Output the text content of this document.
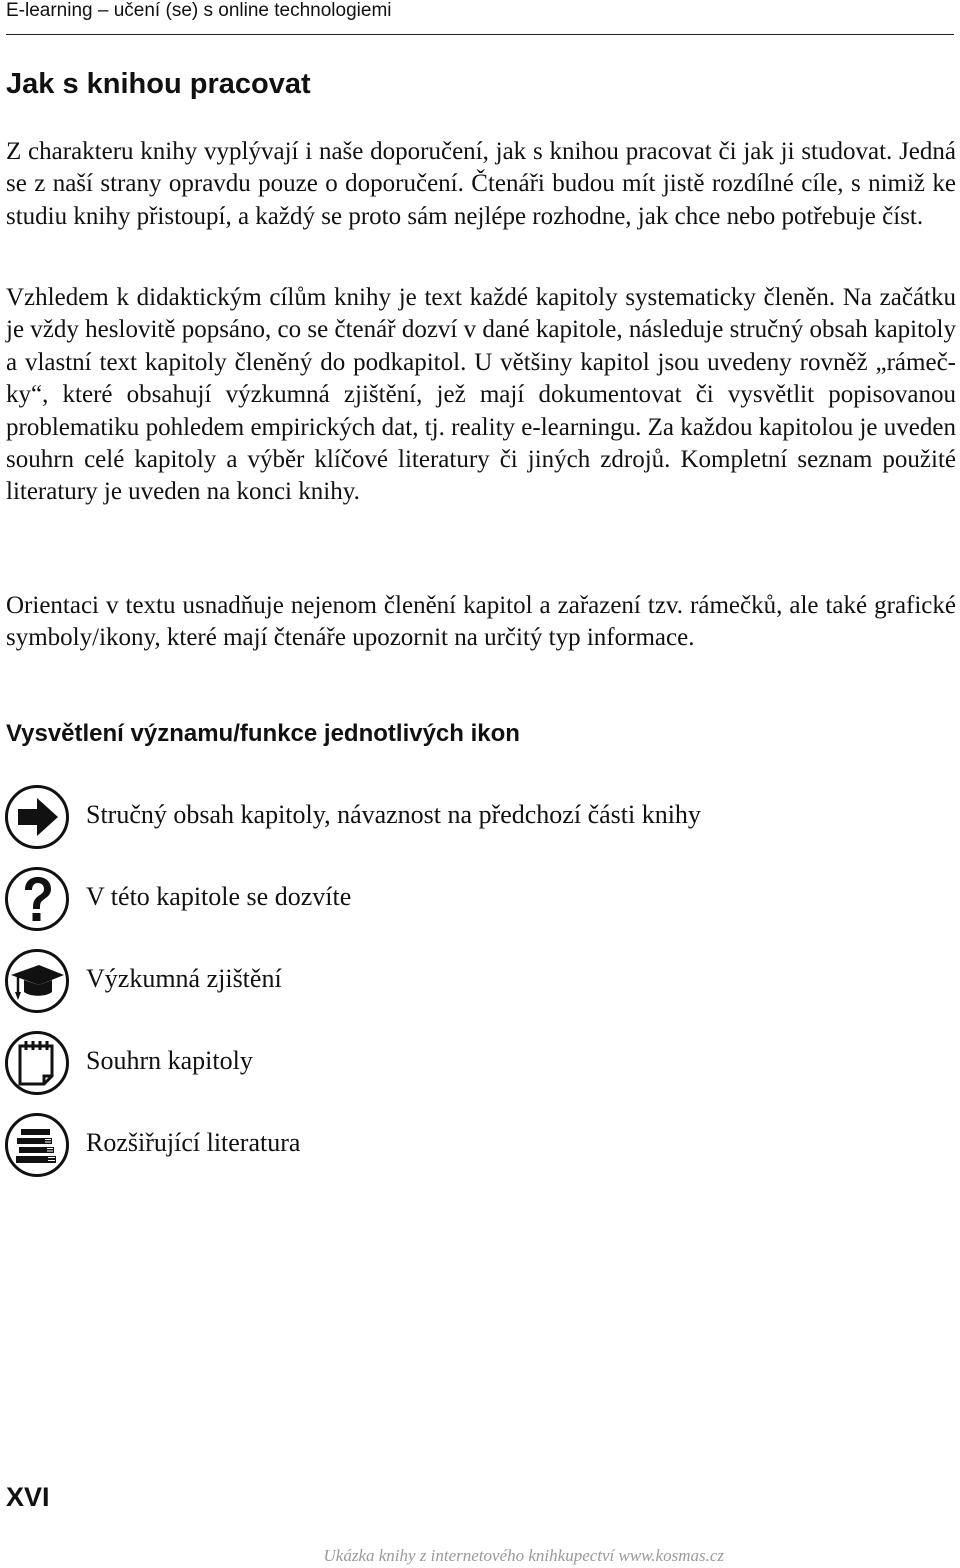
E-learning – učení (se) s online technologiemi
Jak s knihou pracovat

Z charakteru knihy vyplývají i naše doporučení, jak s knihou pracovat či jak ji studovat. Jedná se z naší strany opravdu pouze o doporučení. Čtenáři budou mít jistě rozdílné cíle, s nimiž ke studiu knihy přistoupí, a každý se proto sám nejlépe rozhodne, jak chce nebo potřebuje číst.

Vzhledem k didaktickým cílům knihy je text každé kapitoly systematicky členěn. Na začátku je vždy heslovitě popsáno, co se čtenář dozví v dané kapitole, následuje stručný obsah kapitoly a vlastní text kapitoly členěný do podkapitol. U většiny kapitol jsou uvedeny rovněž „rámečky“, které obsahují výzkumná zjištění, jež mají dokumentovat či vysvětlit popisovanou problematiku pohledem empirických dat, tj. reality e-learningu. Za každou kapitolou je uveden souhrn celé kapitoly a výběr klíčové literatury či jiných zdrojů. Kompletní seznam použité literatury je uveden na konci knihy.

Orientaci v textu usnadňuje nejenom členění kapitol a zařazení tzv. rámečků, ale také grafické symboly/ikony, které mají čtenáře upozornit na určitý typ informace.

Vysvětlení významu/funkce jednotlivých ikon
Stručný obsah kapitoly, návaznost na předchozí části knihy
V této kapitole se dozvíte
Výzkumná zjištění
Souhrn kapitoly
Rozšiřující literatura
XVI
Ukázka knihy z internetového knihkupectví www.kosmas.cz
